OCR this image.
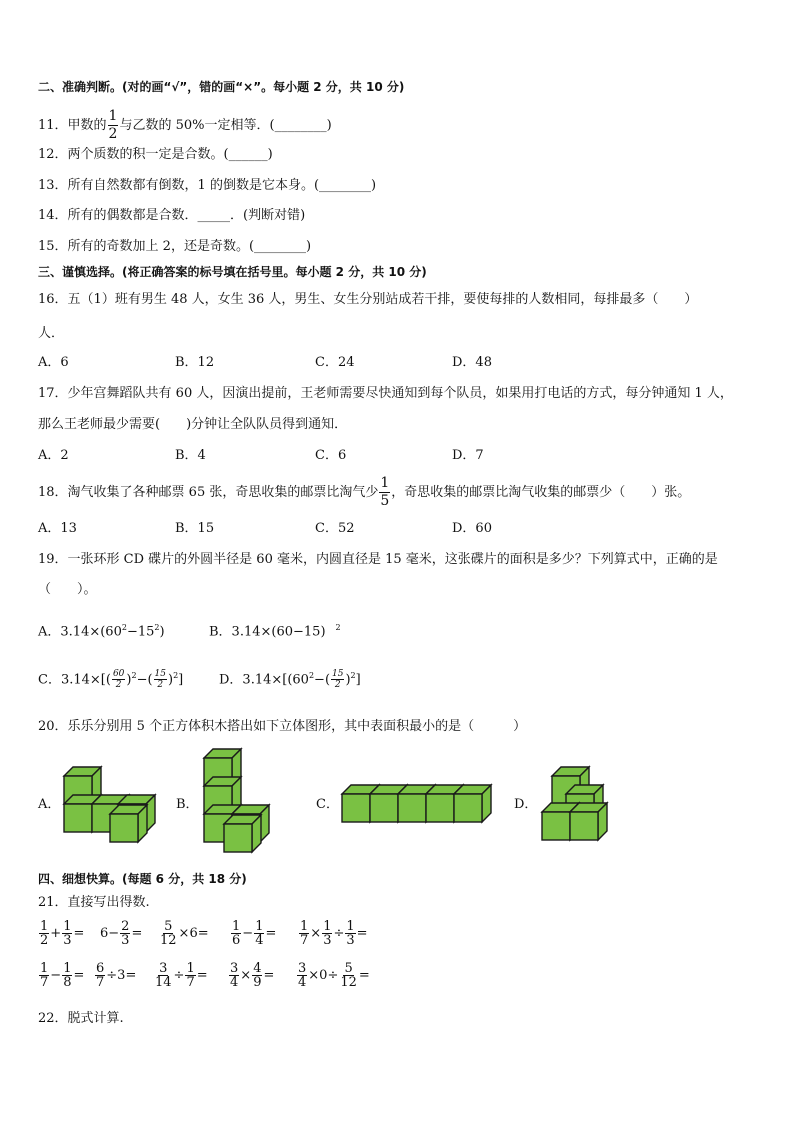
二、准确判断。(对的画“√”，错的画“×”。每小题 2 分，共 10 分)
11．甲数的 $\frac{1}{2}$ 与乙数的 50%一定相等．(________)
12．两个质数的积一定是合数。(______)
13．所有自然数都有倒数，1 的倒数是它本身。(________)
14．所有的偶数都是合数．_____．(判断对错)
15．所有的奇数加上 2，还是奇数。(________)
三、谨慎选择。(将正确答案的标号填在括号里。每小题 2 分，共 10 分)
16．五（1）班有男生 48 人，女生 36 人，男生、女生分别站成若干排，要使每排的人数相同，每排最多（　　）
人．
A．6	B．12	C．24	D．48
17．少年宫舞蹈队共有 60 人，因演出提前，王老师需要尽快通知到每个队员，如果用打电话的方式，每分钟通知 1 人，
那么王老师最少需要(　　)分钟让全队队员得到通知．
A．2	B．4	C．6	D．7
18．淘气收集了各种邮票 65 张，奇思收集的邮票比淘气少 $\frac{1}{5}$ ，奇思收集的邮票比淘气收集的邮票少（　　）张。
A．13	B．15	C．52	D．60
19．一张环形 CD 碟片的外圆半径是 60 毫米，内圆直径是 15 毫米，这张碟片的面积是多少？下列算式中，正确的是
（　　）。
A．$3.14\times(60^2-15^2)$	B．3.14×(60−15) $^2$
C．$3.14\times[( \frac{60}{2} )^2-( \frac{15}{2} )^2]$	D．$3.14\times[(60^2-( \frac{15}{2} )^2]$
20．乐乐分别用 5 个正方体积木搭出如下立体图形，其中表面积最小的是（　　　）
A．	B．	C．	D．
四、细想快算。(每题 6 分，共 18 分)
21．直接写出得数.
$\frac{1}{2} + \frac{1}{3} = 6- \frac{2}{3} = \frac{5}{12} \times 6= \frac{1}{6} - \frac{1}{4} = \frac{1}{7} \times \frac{1}{3} \div \frac{1}{3}$ =
$\frac{1}{7} - \frac{1}{8} = \frac{6}{7} \div 3= \frac{3}{14} \div \frac{1}{7} = \frac{3}{4} \times \frac{4}{9} = \frac{3}{4} \times 0\div \frac{5}{12}$ =
22．脱式计算.
